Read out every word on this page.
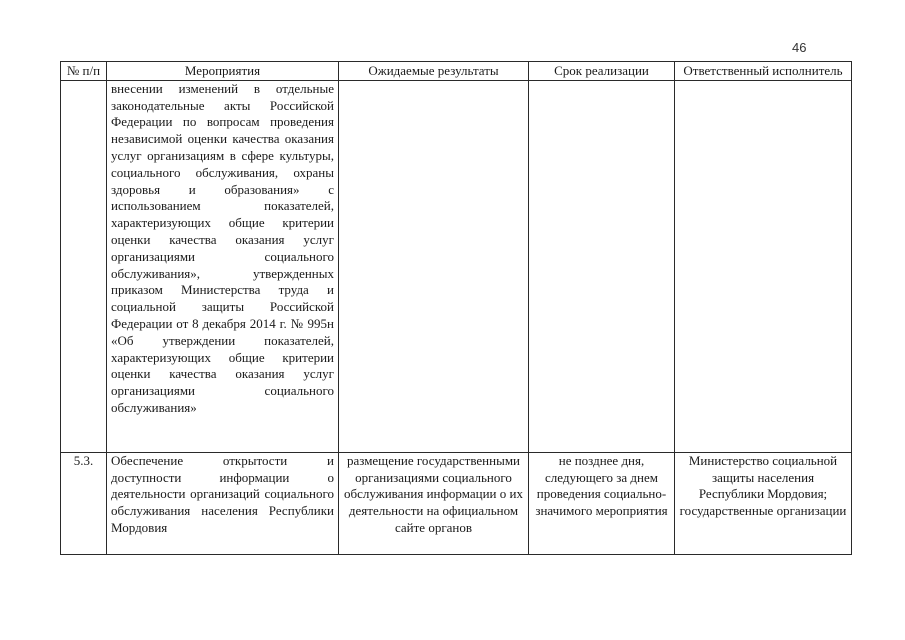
46
№ п/п	Мероприятия	Ожидаемые результаты	Срок реализации	Ответственный исполнитель
	внесении изменений в отдельные законодательные акты Российской Федерации по вопросам проведения независимой оценки качества оказания услуг организациям в сфере культуры, социального обслуживания, охраны здоровья и образования» с использованием показателей, характеризующих общие критерии оценки качества оказания услуг организациями социального обслуживания», утвержденных приказом Министерства труда и социальной защиты Российской Федерации от 8 декабря 2014 г. № 995н «Об утверждении показателей, характеризующих общие критерии оценки качества оказания услуг организациями социального обслуживания»			

5.3.	Обеспечение открытости и доступности информации о деятельности организаций социального обслуживания населения Республики Мордовия	размещение государственными организациями социального обслуживания информации о их деятельности на официальном сайте органов	не позднее дня, следующего за днем проведения социально-значимого мероприятия	Министерство социальной защиты населения Республики Мордовия; государственные организации
